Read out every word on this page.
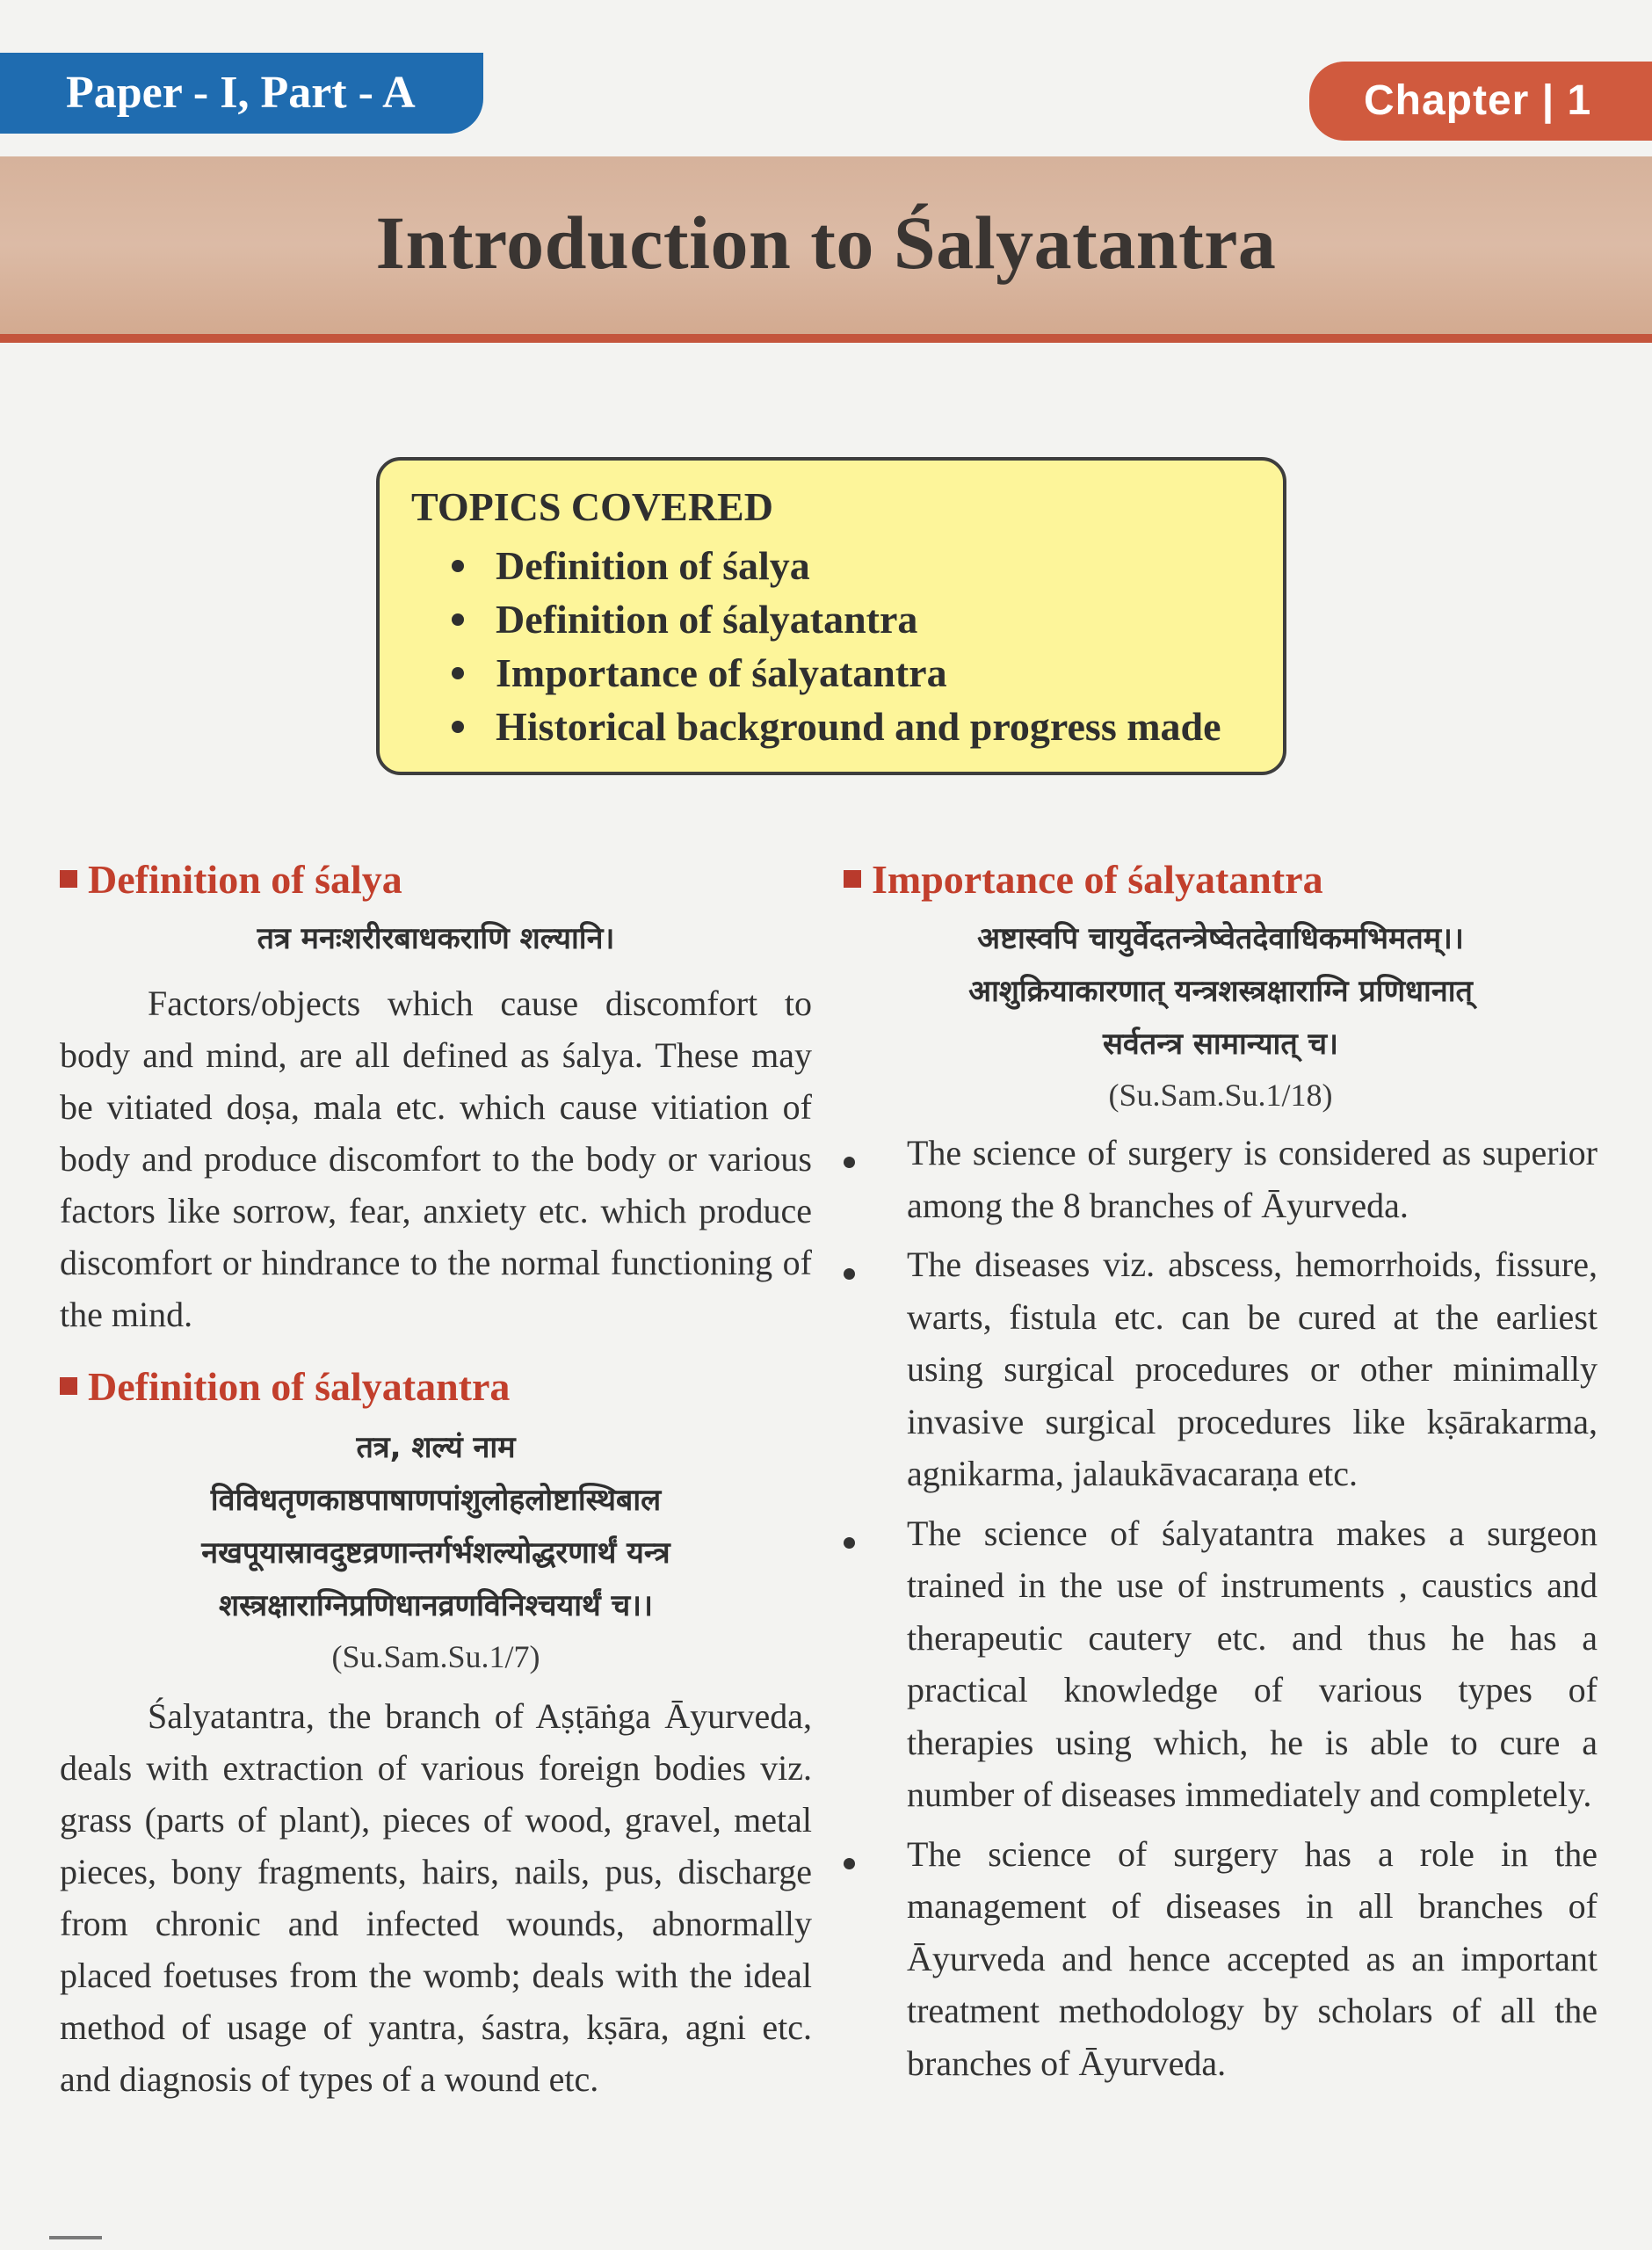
Paper - I, Part - A	Chapter | 1
Introduction to Śalyatantra
TOPICS COVERED
Definition of śalya
Definition of śalyatantra
Importance of śalyatantra
Historical background and progress made
Definition of śalya

तत्र मनःशरीरबाधकराणि शल्यानि।

Factors/objects which cause discomfort to body and mind, are all defined as śalya. These may be vitiated doṣa, mala etc. which cause vitiation of body and produce discomfort to the body or various factors like sorrow, fear, anxiety etc. which produce discomfort or hindrance to the normal functioning of the mind.

Definition of śalyatantra

तत्र, शल्यं नाम

विविधतृणकाष्ठपाषाणपांशुलोहलोष्टास्थिबाल

नखपूयास्रावदुष्टव्रणान्तर्गर्भशल्योद्धरणार्थं यन्त्र

शस्त्रक्षाराग्निप्रणिधानव्रणविनिश्चयार्थं च।।

(Su.Sam.Su.1/7)

Śalyatantra, the branch of Aṣṭāṅga Āyurveda, deals with extraction of various foreign bodies viz. grass (parts of plant), pieces of wood, gravel, metal pieces, bony fragments, hairs, nails, pus, discharge from chronic and infected wounds, abnormally placed foetuses from the womb; deals with the ideal method of usage of yantra, śastra, kṣāra, agni etc. and diagnosis of types of a wound etc.

Importance of śalyatantra

अष्टास्वपि चायुर्वेदतन्त्रेष्वेतदेवाधिकमभिमतम्।।

आशुक्रियाकारणात् यन्त्रशस्त्रक्षाराग्नि प्रणिधानात्

सर्वतन्त्र सामान्यात् च।

(Su.Sam.Su.1/18)

The science of surgery is considered as superior among the 8 branches of Āyurveda.
The diseases viz. abscess, hemorrhoids, fissure, warts, fistula etc. can be cured at the earliest using surgical procedures or other minimally invasive surgical procedures like kṣārakarma, agnikarma, jalaukāvacaraṇa etc.
The science of śalyatantra makes a surgeon trained in the use of instruments , caustics and therapeutic cautery etc. and thus he has a practical knowledge of various types of therapies using which, he is able to cure a number of diseases immediately and completely.
The science of surgery has a role in the management of diseases in all branches of Āyurveda and hence accepted as an important treatment methodology by scholars of all the branches of Āyurveda.
